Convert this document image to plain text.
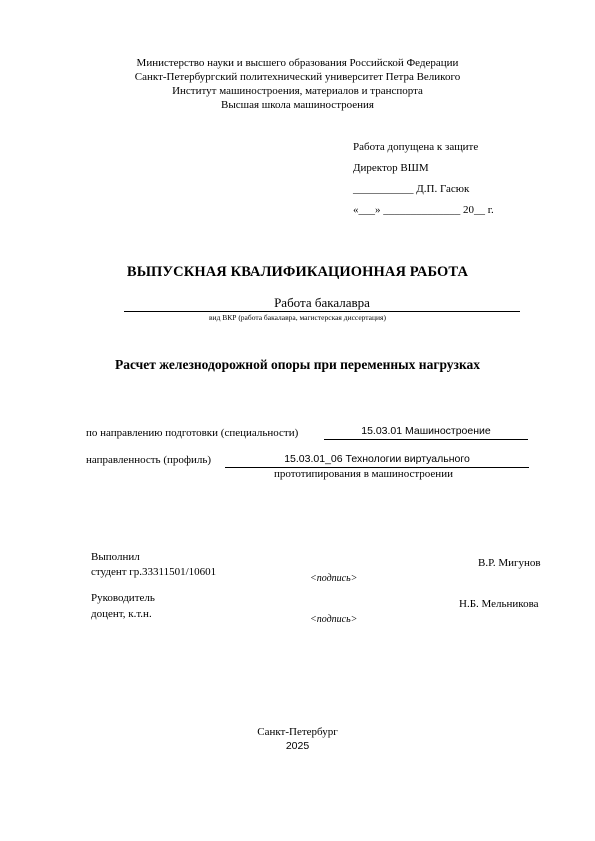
Министерство науки и высшего образования Российской Федерации
Санкт-Петербургский политехнический университет Петра Великого
Институт машиностроения, материалов и транспорта
Высшая школа машиностроения
Работа допущена к защите
Директор ВШМ
___________ Д.П. Гасюк
«___» ______________ 20__ г.
ВЫПУСКНАЯ КВАЛИФИКАЦИОННАЯ РАБОТА
Работа бакалавра
вид ВКР (работа бакалавра, магистерская диссертация)
Расчет железнодорожной опоры при переменных нагрузках
по направлению подготовки (специальности)	15.03.01 Машиностроение
направленность (профиль)	15.03.01_06 Технологии виртуального
прототипирования в машиностроении
Выполнил
студент гр.33311501/10601
<подпись>
В.Р. Мигунов
Руководитель
доцент, к.т.н.	<подпись>
Н.Б. Мельникова
Санкт-Петербург
2025
